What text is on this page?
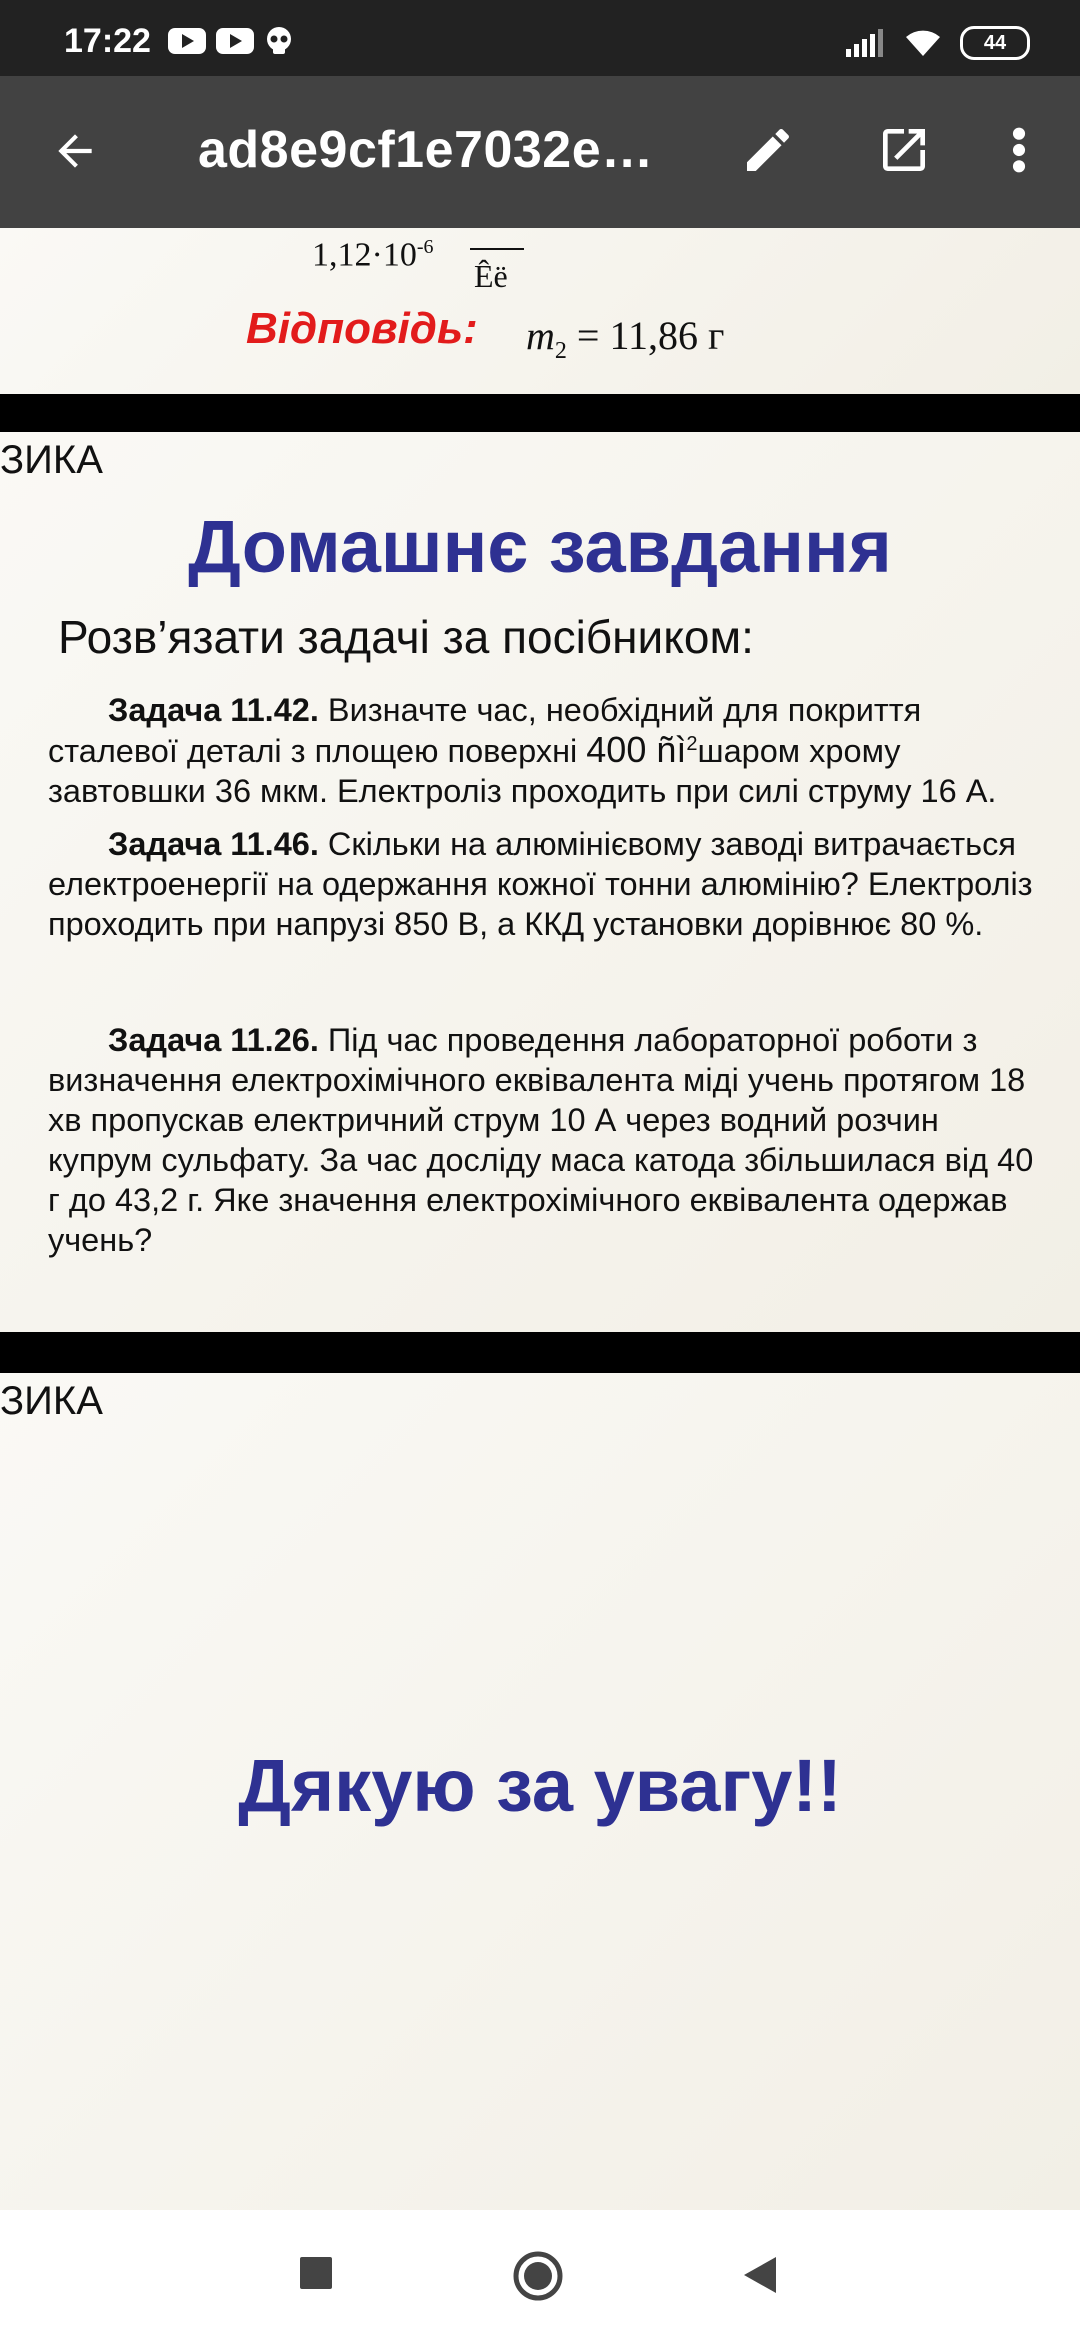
17:22	44
ad8e9cf1e7032e…
$1,12\cdot 10^{-6}$
Êë
Відповідь: $m_2 = 11,86$ г
ЗИКА
Домашнє завдання
Розв’язати задачі за посібником:
Задача 11.42. Визначте час, необхідний для покриття сталевої деталі з площею поверхні 400 $ñì^2шаром$ хрому завтовшки 36 мкм. Електроліз проходить при силі струму 16 А.
Задача 11.46. Скільки на алюмінієвому заводі витрачається електроенергії на одержання кожної тонни алюмінію? Електроліз проходить при напрузі 850 В, а ККД установки дорівнює 80 %.
Задача 11.26. Під час проведення лабораторної роботи з визначення електрохімічного еквівалента міді учень протягом 18 хв пропускав електричний струм 10 А через водний розчин купрум сульфату. За час досліду маса катода збільшилася від 40 г до 43,2 г. Яке значення електрохімічного еквівалента одержав учень?
ЗИКА
Дякую за увагу!!
